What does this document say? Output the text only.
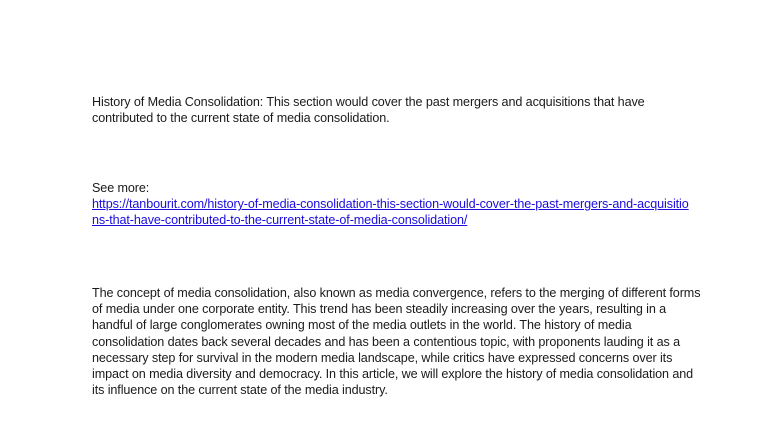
History of Media Consolidation: This section would cover the past mergers and acquisitions that have contributed to the current state of media consolidation.

See more:
https://tanbourit.com/history-of-media-consolidation-this-section-would-cover-the-past-mergers-and-acquisitions-that-have-contributed-to-the-current-state-of-media-consolidation/

The concept of media consolidation, also known as media convergence, refers to the merging of different forms of media under one corporate entity. This trend has been steadily increasing over the years, resulting in a handful of large conglomerates owning most of the media outlets in the world. The history of media consolidation dates back several decades and has been a contentious topic, with proponents lauding it as a necessary step for survival in the modern media landscape, while critics have expressed concerns over its impact on media diversity and democracy. In this article, we will explore the history of media consolidation and its influence on the current state of the media industry.
